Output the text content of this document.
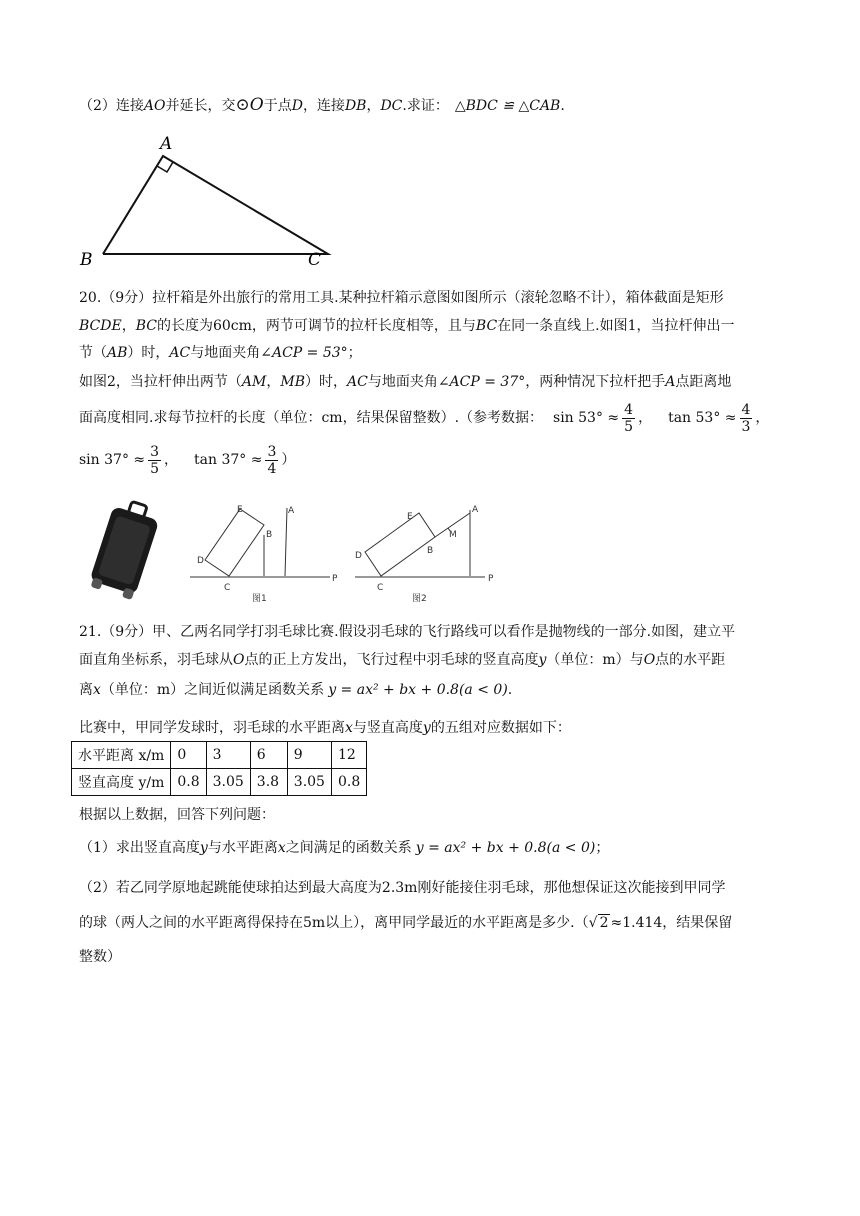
（2）连接AO并延长，交⊙O于点D，连接DB，DC.求证： △BDC ≌ △CAB.
A
B	C
20.（9分）拉杆箱是外出旅行的常用工具.某种拉杆箱示意图如图所示（滚轮忽略不计），箱体截面是矩形
BCDE，BC的长度为60cm，两节可调节的拉杆长度相等，且与BC在同一条直线上.如图1，当拉杆伸出一
节（AB）时，AC与地面夹角∠ACP = 53°；
如图2，当拉杆伸出两节（AM，MB）时，AC与地面夹角∠ACP = 37°，两种情况下拉杆把手A点距离地
面高度相同.求每节拉杆的长度（单位：cm，结果保留整数）.（参考数据： $\sin 53^\circ \approx \frac{4}{5}$ ， $\tan 53^\circ \approx \frac{4}{3}$ ，
$\sin 37^\circ \approx \frac{3}{5}$ ， $\tan 37^\circ \approx \frac{3}{4}$ ）
E
B
A
D
C
P
图1
E
B
M
A
D
C
P
图2
21.（9分）甲、乙两名同学打羽毛球比赛.假设羽毛球的飞行路线可以看作是抛物线的一部分.如图，建立平
面直角坐标系，羽毛球从O点的正上方发出，飞行过程中羽毛球的竖直高度y（单位：m）与O点的水平距
离x（单位：m）之间近似满足函数关系 y = ax² + bx + 0.8(a < 0).
比赛中，甲同学发球时，羽毛球的水平距离x与竖直高度y的五组对应数据如下：
水平距离 x/m	0	3	6	9	12
竖直高度 y/m	0.8	3.05	3.8	3.05	0.8
根据以上数据，回答下列问题：
（1）求出竖直高度y与水平距离x之间满足的函数关系 y = ax² + bx + 0.8(a < 0)；
（2）若乙同学原地起跳能使球拍达到最大高度为2.3m刚好能接住羽毛球，那他想保证这次能接到甲同学
的球（两人之间的水平距离得保持在5m以上），离甲同学最近的水平距离是多少.（√ 2 ≈1.414，结果保留
整数）
